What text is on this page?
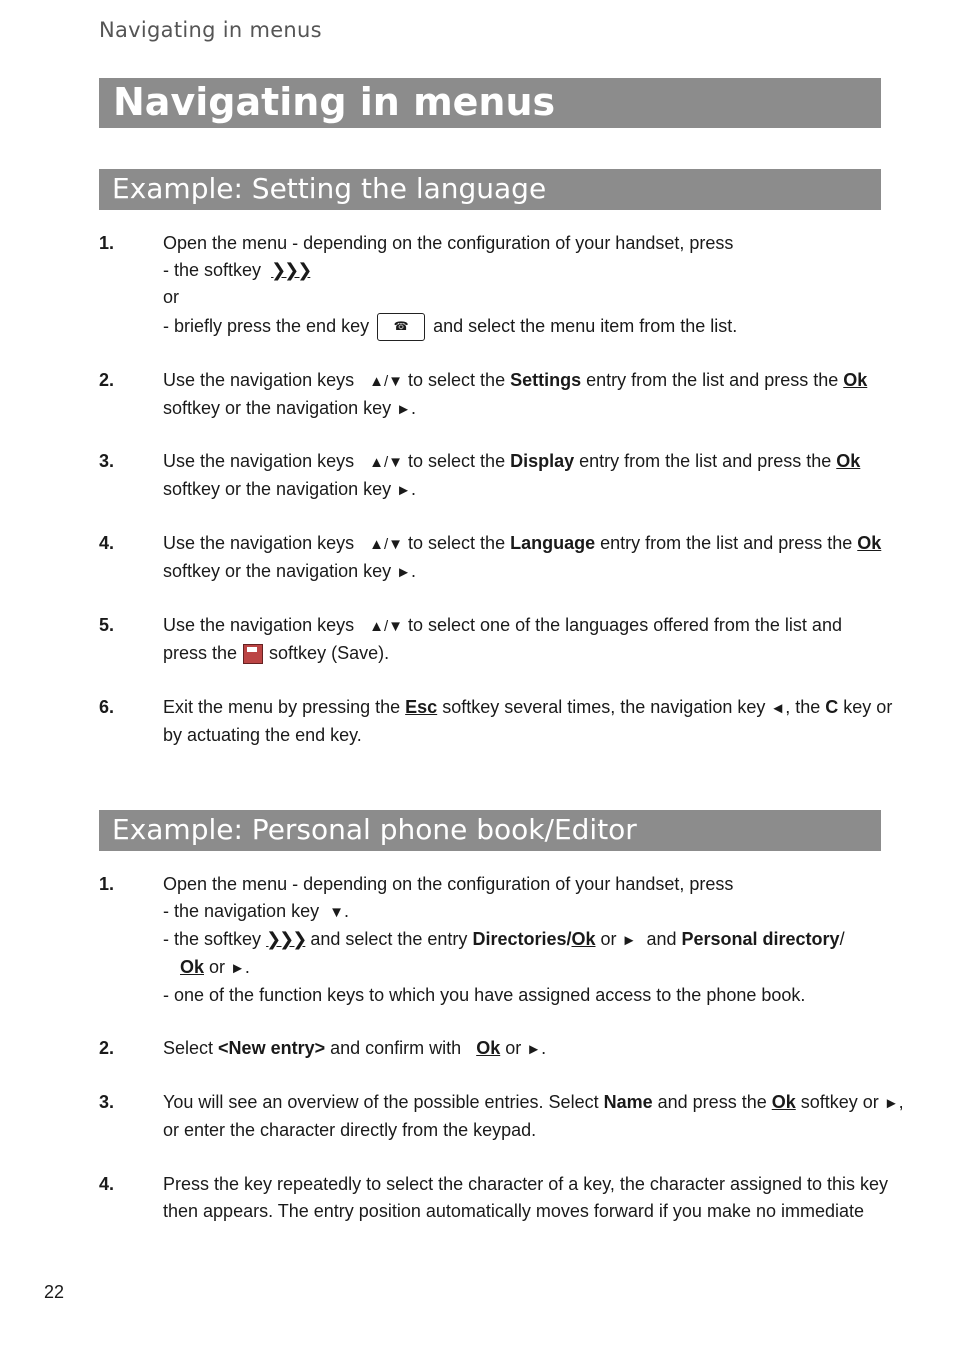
Navigating in menus
Navigating in menus
Example: Setting the language
1.	Open the menu - depending on the configuration of your handset, press
- the softkey ❯❯❯
or
- briefly press the end key ☎ and select the menu item from the list.
2.	Use the navigation keys ▲/▼ to select the Settings entry from the list and press the Ok
softkey or the navigation key ►.
3.	Use the navigation keys ▲/▼ to select the Display entry from the list and press the Ok
softkey or the navigation key ►.
4.	Use the navigation keys ▲/▼ to select the Language entry from the list and press the Ok
softkey or the navigation key ►.
5.	Use the navigation keys ▲/▼ to select one of the languages offered from the list and
press the softkey (Save).
6.	Exit the menu by pressing the Esc softkey several times, the navigation key ◄, the C key or
by actuating the end key.
Example: Personal phone book/Editor
1.	Open the menu - depending on the configuration of your handset, press
- the navigation key ▼.
- the softkey ❯❯❯ and select the entry Directories/Ok or ► and Personal directory/
Ok or ►.
- one of the function keys to which you have assigned access to the phone book.
2.	Select <New entry> and confirm with Ok or ►.
3.	You will see an overview of the possible entries. Select Name and press the Ok softkey or ►,
or enter the character directly from the keypad.
4.	Press the key repeatedly to select the character of a key, the character assigned to this key
then appears. The entry position automatically moves forward if you make no immediate
22
